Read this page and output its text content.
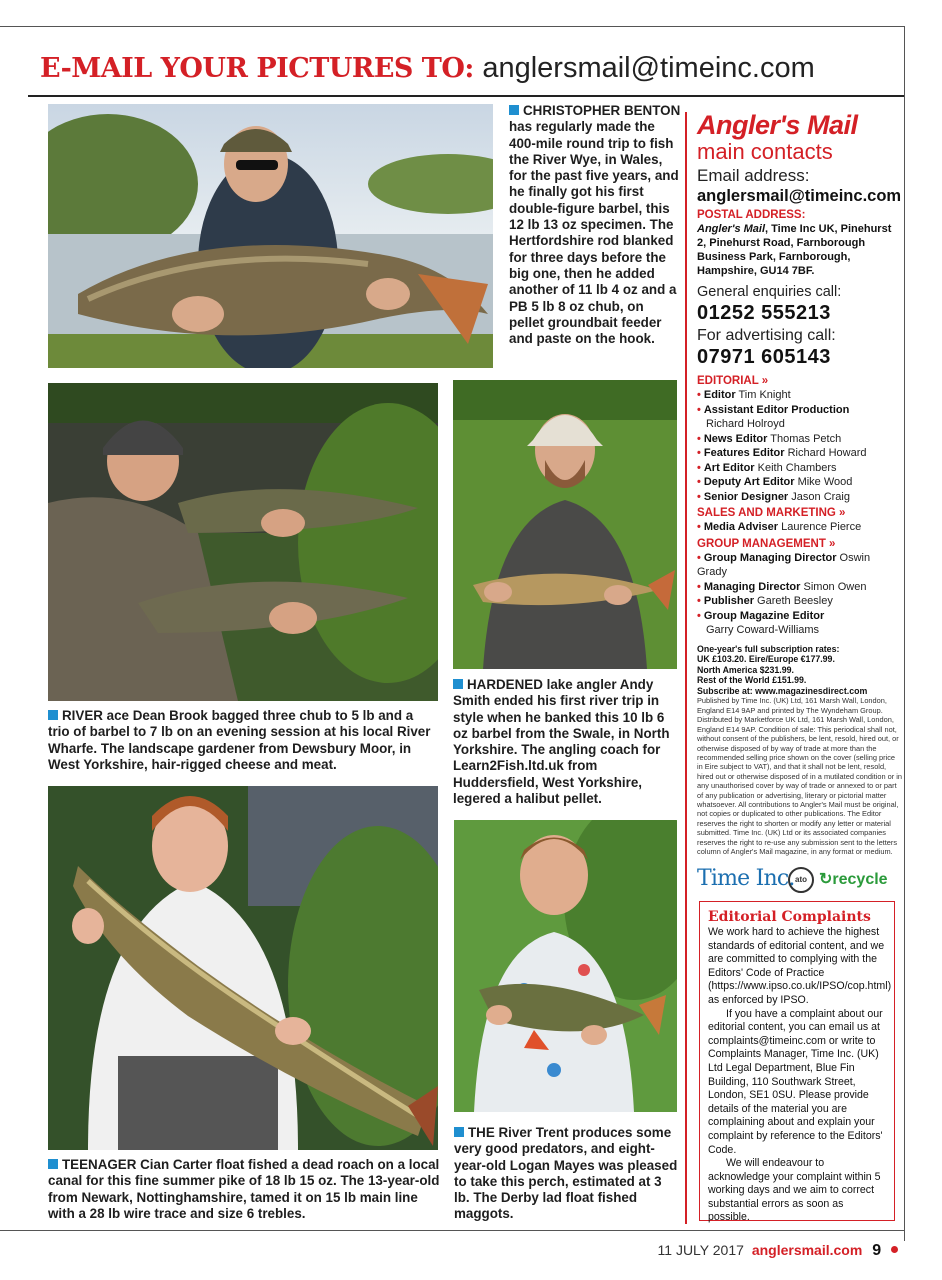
E-MAIL YOUR PICTURES TO: anglersmail@timeinc.com
CHRISTOPHER BENTON has regularly made the 400-mile round trip to fish the River Wye, in Wales, for the past five years, and he finally got his first double-figure barbel, this 12 lb 13 oz specimen. The Hertfordshire rod blanked for three days before the big one, then he added another of 11 lb 4 oz and a PB 5 lb 8 oz chub, on pellet groundbait feeder and paste on the hook.
RIVER ace Dean Brook bagged three chub to 5 lb and a trio of barbel to 7 lb on an evening session at his local River Wharfe. The landscape gardener from Dewsbury Moor, in West Yorkshire, hair-rigged cheese and meat.
HARDENED lake angler Andy Smith ended his first river trip in style when he banked this 10 lb 6 oz barbel from the Swale, in North Yorkshire. The angling coach for Learn2Fish.ltd.uk from Huddersfield, West Yorkshire, legered a halibut pellet.
TEENAGER Cian Carter float fished a dead roach on a local canal for this fine summer pike of 18 lb 15 oz. The 13-year-old from Newark, Nottinghamshire, tamed it on 15 lb main line with a 28 lb wire trace and size 6 trebles.
THE River Trent produces some very good predators, and eight-year-old Logan Mayes was pleased to take this perch, estimated at 3 lb. The Derby lad float fished maggots.
Angler's Mail
main contacts
Email address:
anglersmail@timeinc.com
POSTAL ADDRESS:
Angler's Mail, Time Inc UK, Pinehurst 2, Pinehurst Road, Farnborough Business Park, Farnborough, Hampshire, GU14 7BF.
General enquiries call:
01252 555213
For advertising call:
07971 605143
EDITORIAL »
• Editor Tim Knight
• Assistant Editor Production
Richard Holroyd
• News Editor Thomas Petch
• Features Editor Richard Howard
• Art Editor Keith Chambers
• Deputy Art Editor Mike Wood
• Senior Designer Jason Craig
SALES AND MARKETING »
• Media Adviser Laurence Pierce
GROUP MANAGEMENT »
• Group Managing Director Oswin Grady
• Managing Director Simon Owen
• Publisher Gareth Beesley
• Group Magazine Editor
Garry Coward-Williams
One-year's full subscription rates:
UK £103.20. Eire/Europe €177.99.
North America $231.99.
Rest of the World £151.99.
Subscribe at: www.magazinesdirect.com
Published by Time Inc. (UK) Ltd, 161 Marsh Wall, London, England E14 9AP and printed by The Wyndeham Group. Distributed by Marketforce UK Ltd, 161 Marsh Wall, London, England E14 9AP. Condition of sale: This periodical shall not, without consent of the publishers, be lent, resold, hired out, or otherwise disposed of by way of trade at more than the recommended selling price shown on the cover (selling price in Eire subject to VAT), and that it shall not be lent, resold, hired out or otherwise disposed of in a mutilated condition or in any unauthorised cover by way of trade or annexed to or part of any publication or advertising, literary or pictorial matter whatsoever. All contributions to Angler's Mail must be original, not copies or duplicated to other publications. The Editor reserves the right to shorten or modify any letter or material submitted. Time Inc. (UK) Ltd or its associated companies reserves the right to re-use any submission sent to the letters column of Angler's Mail magazine, in any format or medium.
Time Inc. ato ↻recycle
Editorial Complaints

We work hard to achieve the highest standards of editorial content, and we are committed to complying with the Editors' Code of Practice (https://www.ipso.co.uk/IPSO/cop.html) as enforced by IPSO.

If you have a complaint about our editorial content, you can email us at complaints@timeinc.com or write to Complaints Manager, Time Inc. (UK) Ltd Legal Department, Blue Fin Building, 110 Southwark Street, London, SE1 0SU. Please provide details of the material you are complaining about and explain your complaint by reference to the Editors' Code.

We will endeavour to acknowledge your complaint within 5 working days and we aim to correct substantial errors as soon as possible.

11 JULY 2017 anglersmail.com 9
